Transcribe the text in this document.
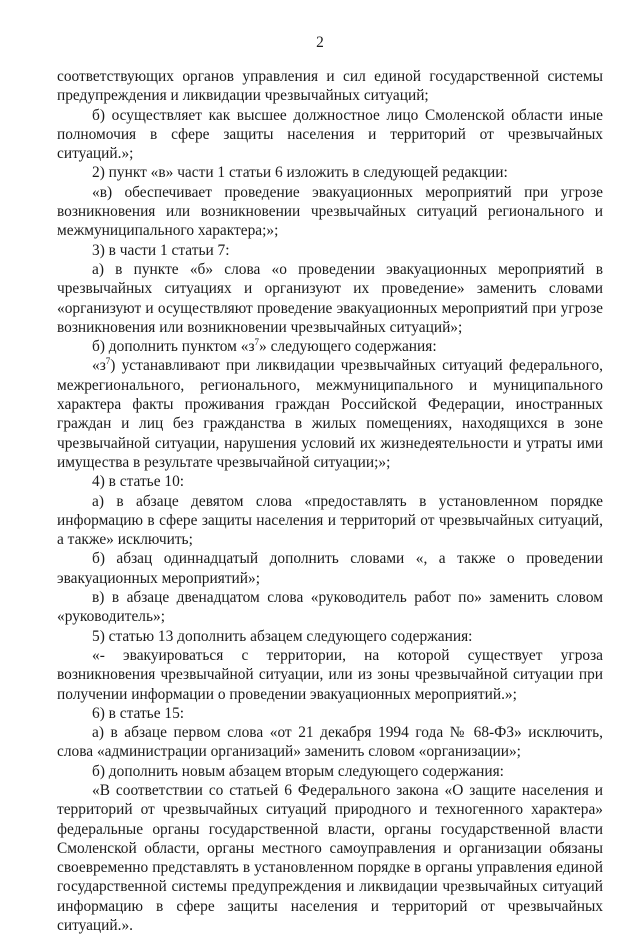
2

соответствующих органов управления и сил единой государственной системы предупреждения и ликвидации чрезвычайных ситуаций;

б) осуществляет как высшее должностное лицо Смоленской области иные полномочия в сфере защиты населения и территорий от чрезвычайных ситуаций.»;

2) пункт «в» части 1 статьи 6 изложить в следующей редакции:

«в) обеспечивает проведение эвакуационных мероприятий при угрозе возникновения или возникновении чрезвычайных ситуаций регионального и межмуниципального характера;»;

3) в части 1 статьи 7:

а) в пункте «б» слова «о проведении эвакуационных мероприятий в чрезвычайных ситуациях и организуют их проведение» заменить словами «организуют и осуществляют проведение эвакуационных мероприятий при угрозе возникновения или возникновении чрезвычайных ситуаций»;

б) дополнить пунктом «$з^7$» следующего содержания:

«$з^7$) устанавливают при ликвидации чрезвычайных ситуаций федерального, межрегионального, регионального, межмуниципального и муниципального характера факты проживания граждан Российской Федерации, иностранных граждан и лиц без гражданства в жилых помещениях, находящихся в зоне чрезвычайной ситуации, нарушения условий их жизнедеятельности и утраты ими имущества в результате чрезвычайной ситуации;»;

4) в статье 10:

а) в абзаце девятом слова «предоставлять в установленном порядке информацию в сфере защиты населения и территорий от чрезвычайных ситуаций, а также» исключить;

б) абзац одиннадцатый дополнить словами «, а также о проведении эвакуационных мероприятий»;

в) в абзаце двенадцатом слова «руководитель работ по» заменить словом «руководитель»;

5) статью 13 дополнить абзацем следующего содержания:

«- эвакуироваться с территории, на которой существует угроза возникновения чрезвычайной ситуации, или из зоны чрезвычайной ситуации при получении информации о проведении эвакуационных мероприятий.»;

6) в статье 15:

а) в абзаце первом слова «от 21 декабря 1994 года № 68-ФЗ» исключить, слова «администрации организаций» заменить словом «организации»;

б) дополнить новым абзацем вторым следующего содержания:

«В соответствии со статьей 6 Федерального закона «О защите населения и территорий от чрезвычайных ситуаций природного и техногенного характера» федеральные органы государственной власти, органы государственной власти Смоленской области, органы местного самоуправления и организации обязаны своевременно представлять в установленном порядке в органы управления единой государственной системы предупреждения и ликвидации чрезвычайных ситуаций информацию в сфере защиты населения и территорий от чрезвычайных ситуаций.».
